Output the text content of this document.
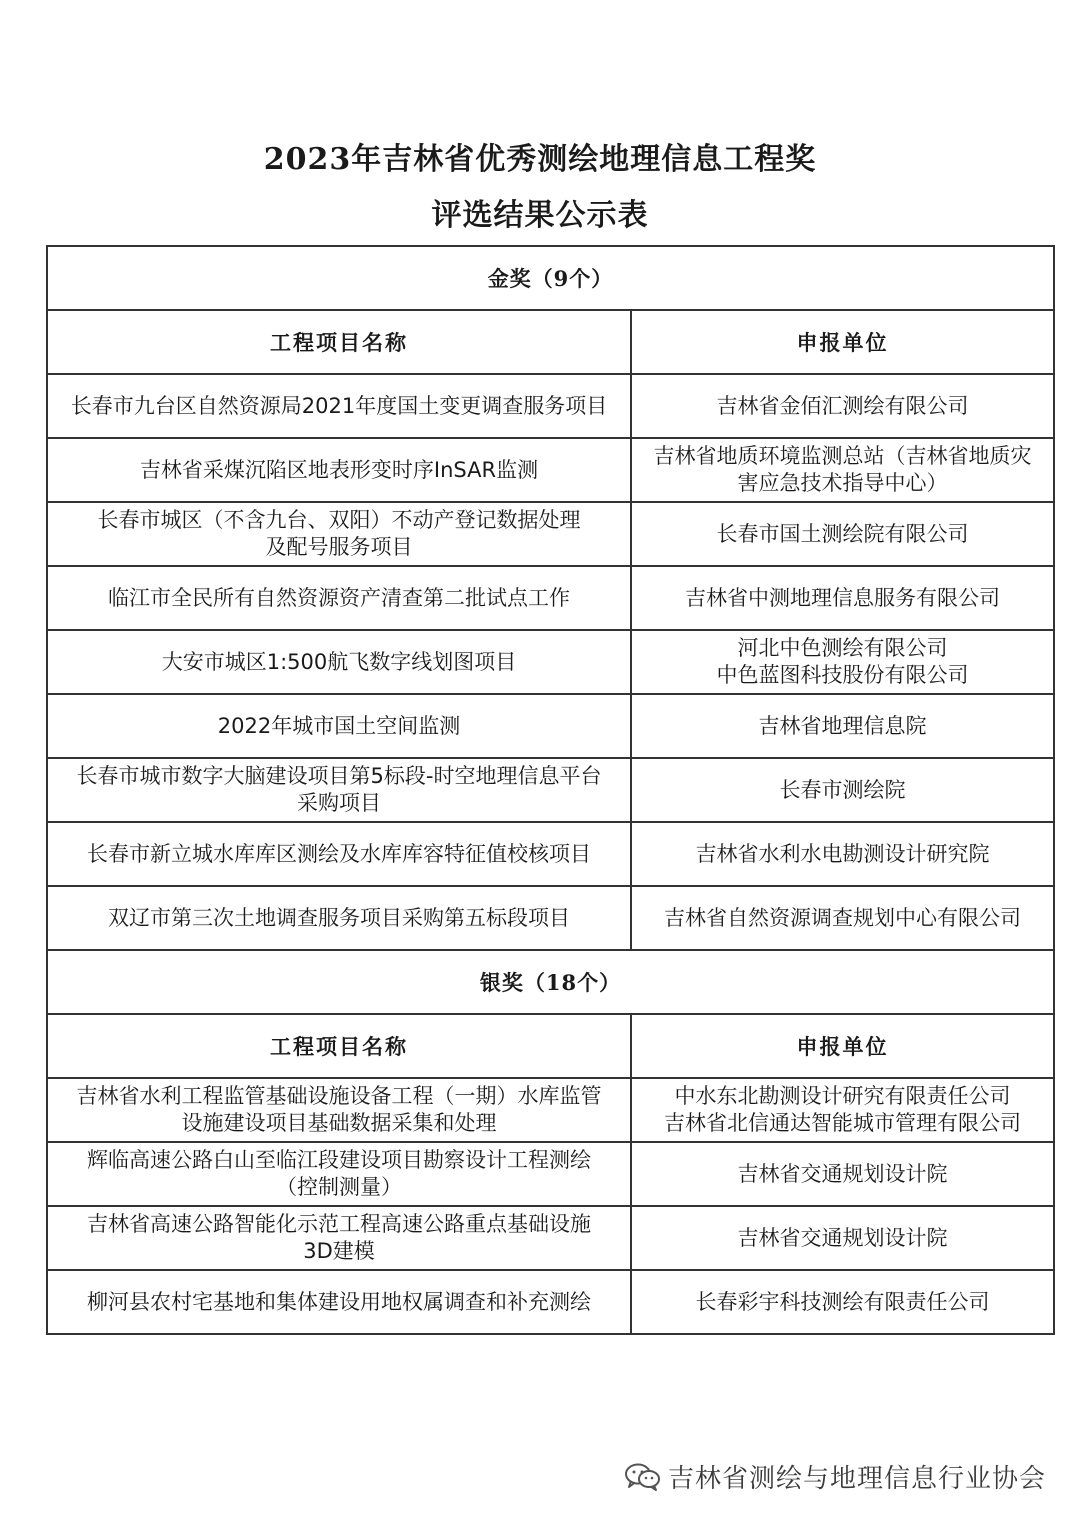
2023年吉林省优秀测绘地理信息工程奖
评选结果公示表
金奖（9个）	
工程项目名称	申报单位

长春市九台区自然资源局2021年度国土变更调查服务项目	吉林省金佰汇测绘有限公司

吉林省采煤沉陷区地表形变时序InSAR监测	吉林省地质环境监测总站（吉林省地质灾
害应急技术指导中心）

长春市城区（不含九台、双阳）不动产登记数据处理
及配号服务项目	长春市国土测绘院有限公司

临江市全民所有自然资源资产清查第二批试点工作	吉林省中测地理信息服务有限公司

大安市城区1:500航飞数字线划图项目	河北中色测绘有限公司
中色蓝图科技股份有限公司

2022年城市国土空间监测	吉林省地理信息院

长春市城市数字大脑建设项目第5标段-时空地理信息平台
采购项目	长春市测绘院

长春市新立城水库库区测绘及水库库容特征值校核项目	吉林省水利水电勘测设计研究院

双辽市第三次土地调查服务项目采购第五标段项目	吉林省自然资源调查规划中心有限公司

银奖（18个）	
工程项目名称	申报单位

吉林省水利工程监管基础设施设备工程（一期）水库监管
设施建设项目基础数据采集和处理	中水东北勘测设计研究有限责任公司
吉林省北信通达智能城市管理有限公司

辉临高速公路白山至临江段建设项目勘察设计工程测绘
（控制测量）	吉林省交通规划设计院

吉林省高速公路智能化示范工程高速公路重点基础设施
3D建模	吉林省交通规划设计院

柳河县农村宅基地和集体建设用地权属调查和补充测绘	长春彩宇科技测绘有限责任公司
吉林省测绘与地理信息行业协会
